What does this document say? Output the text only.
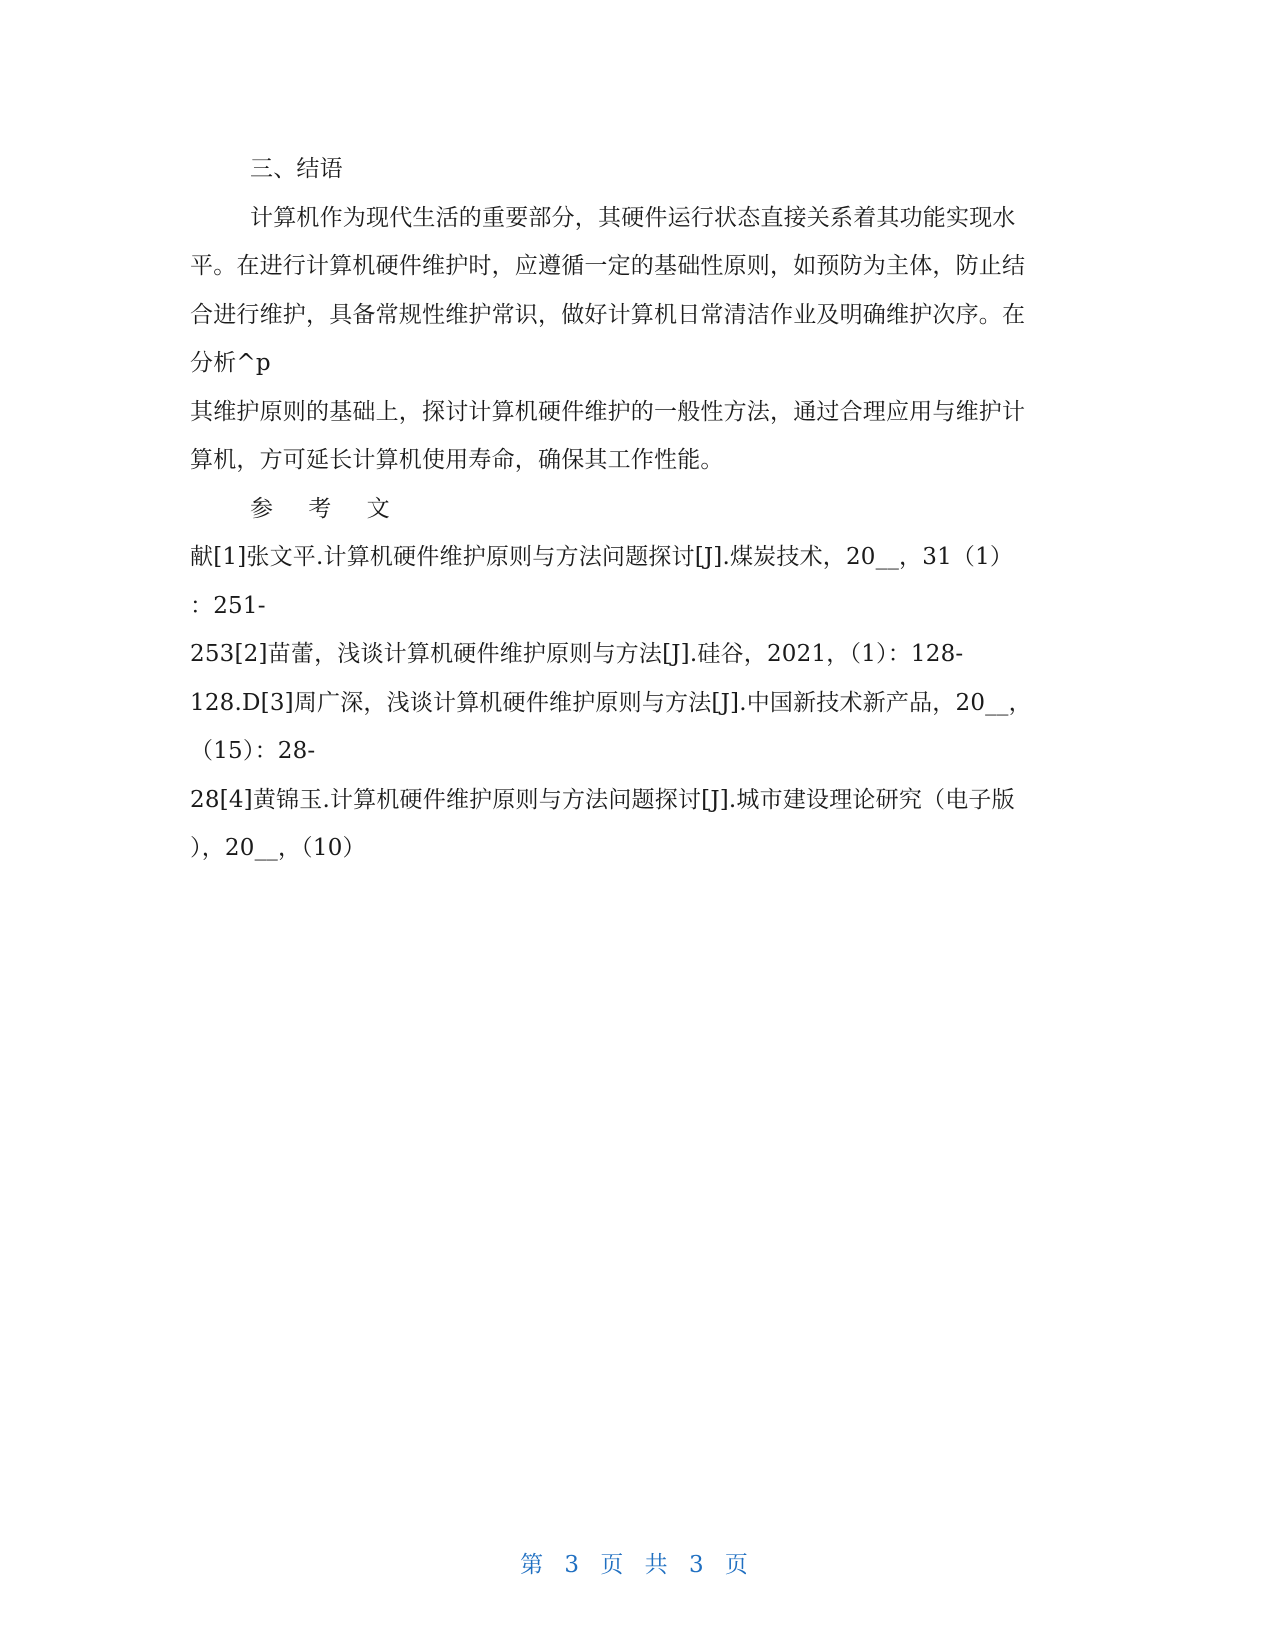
三、结语
计算机作为现代生活的重要部分，其硬件运行状态直接关系着其功能实现水
平。在进行计算机硬件维护时，应遵循一定的基础性原则，如预防为主体，防止结
合进行维护，具备常规性维护常识，做好计算机日常清洁作业及明确维护次序。在
分析^p
其维护原则的基础上，探讨计算机硬件维护的一般性方法，通过合理应用与维护计
算机，方可延长计算机使用寿命，确保其工作性能。
参 考 文
献[1]张文平.计算机硬件维护原则与方法问题探讨[J].煤炭技术，20__，31（1）
：251-
253[2]苗蕾，浅谈计算机硬件维护原则与方法[J].硅谷，2021，（1）：128-
128.D[3]周广深，浅谈计算机硬件维护原则与方法[J].中国新技术新产品，20__，
（15）：28-
28[4]黄锦玉.计算机硬件维护原则与方法问题探讨[J].城市建设理论研究（电子版
），20__，（10）
第 3 页 共 3 页
